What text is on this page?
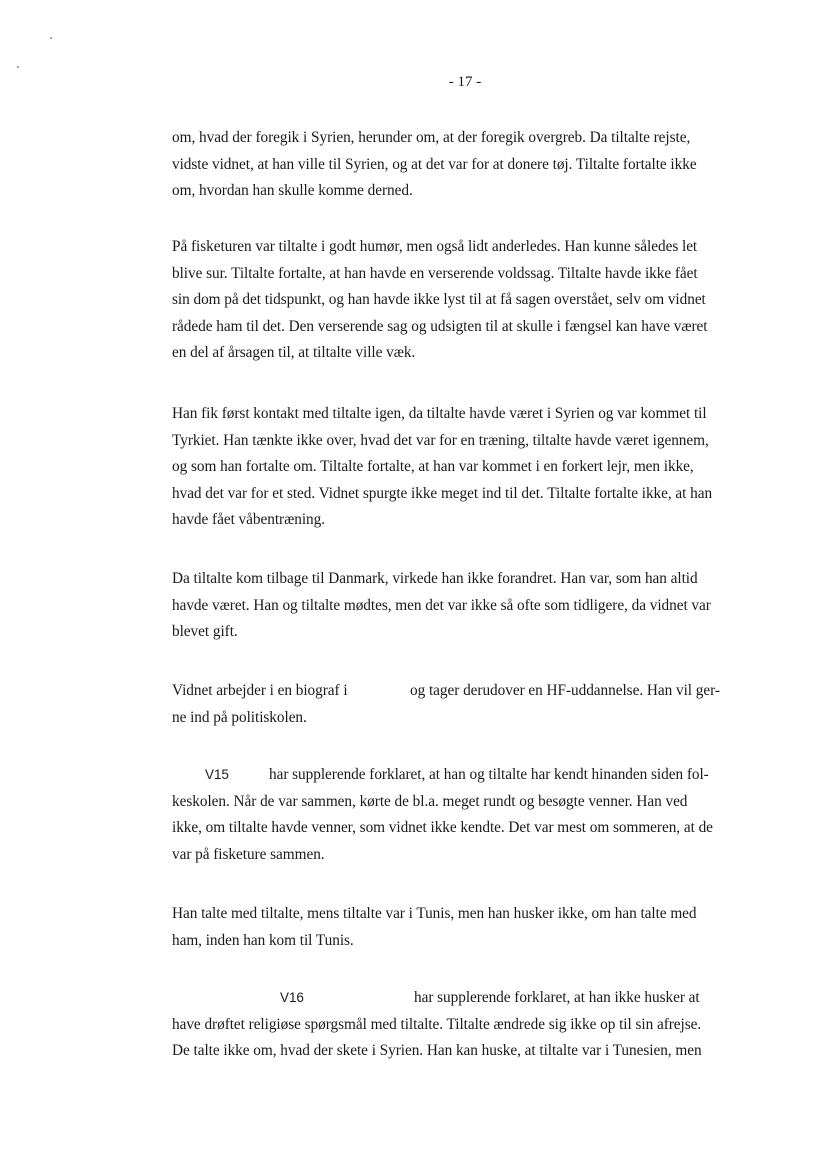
- 17 -

om, hvad der foregik i Syrien, herunder om, at der foregik overgreb. Da tiltalte rejste,
vidste vidnet, at han ville til Syrien, og at det var for at donere tøj. Tiltalte fortalte ikke
om, hvordan han skulle komme derned.

På fisketuren var tiltalte i godt humør, men også lidt anderledes. Han kunne således let
blive sur. Tiltalte fortalte, at han havde en verserende voldssag. Tiltalte havde ikke fået
sin dom på det tidspunkt, og han havde ikke lyst til at få sagen overstået, selv om vidnet
rådede ham til det. Den verserende sag og udsigten til at skulle i fængsel kan have været
en del af årsagen til, at tiltalte ville væk.

Han fik først kontakt med tiltalte igen, da tiltalte havde været i Syrien og var kommet til
Tyrkiet. Han tænkte ikke over, hvad det var for en træning, tiltalte havde været igennem,
og som han fortalte om. Tiltalte fortalte, at han var kommet i en forkert lejr, men ikke,
hvad det var for et sted. Vidnet spurgte ikke meget ind til det. Tiltalte fortalte ikke, at han
havde fået våbentræning.

Da tiltalte kom tilbage til Danmark, virkede han ikke forandret. Han var, som han altid
havde været. Han og tiltalte mødtes, men det var ikke så ofte som tidligere, da vidnet var
blevet gift.

Vidnet arbejder i en biograf i	og tager derudover en HF-uddannelse. Han vil ger-
ne ind på politiskolen.

V15	har supplerende forklaret, at han og tiltalte har kendt hinanden siden fol-

keskolen. Når de var sammen, kørte de bl.a. meget rundt og besøgte venner. Han ved
ikke, om tiltalte havde venner, som vidnet ikke kendte. Det var mest om sommeren, at de
var på fisketure sammen.

Han talte med tiltalte, mens tiltalte var i Tunis, men han husker ikke, om han talte med
ham, inden han kom til Tunis.

V16	har supplerende forklaret, at han ikke husker at

have drøftet religiøse spørgsmål med tiltalte. Tiltalte ændrede sig ikke op til sin afrejse.
De talte ikke om, hvad der skete i Syrien. Han kan huske, at tiltalte var i Tunesien, men
